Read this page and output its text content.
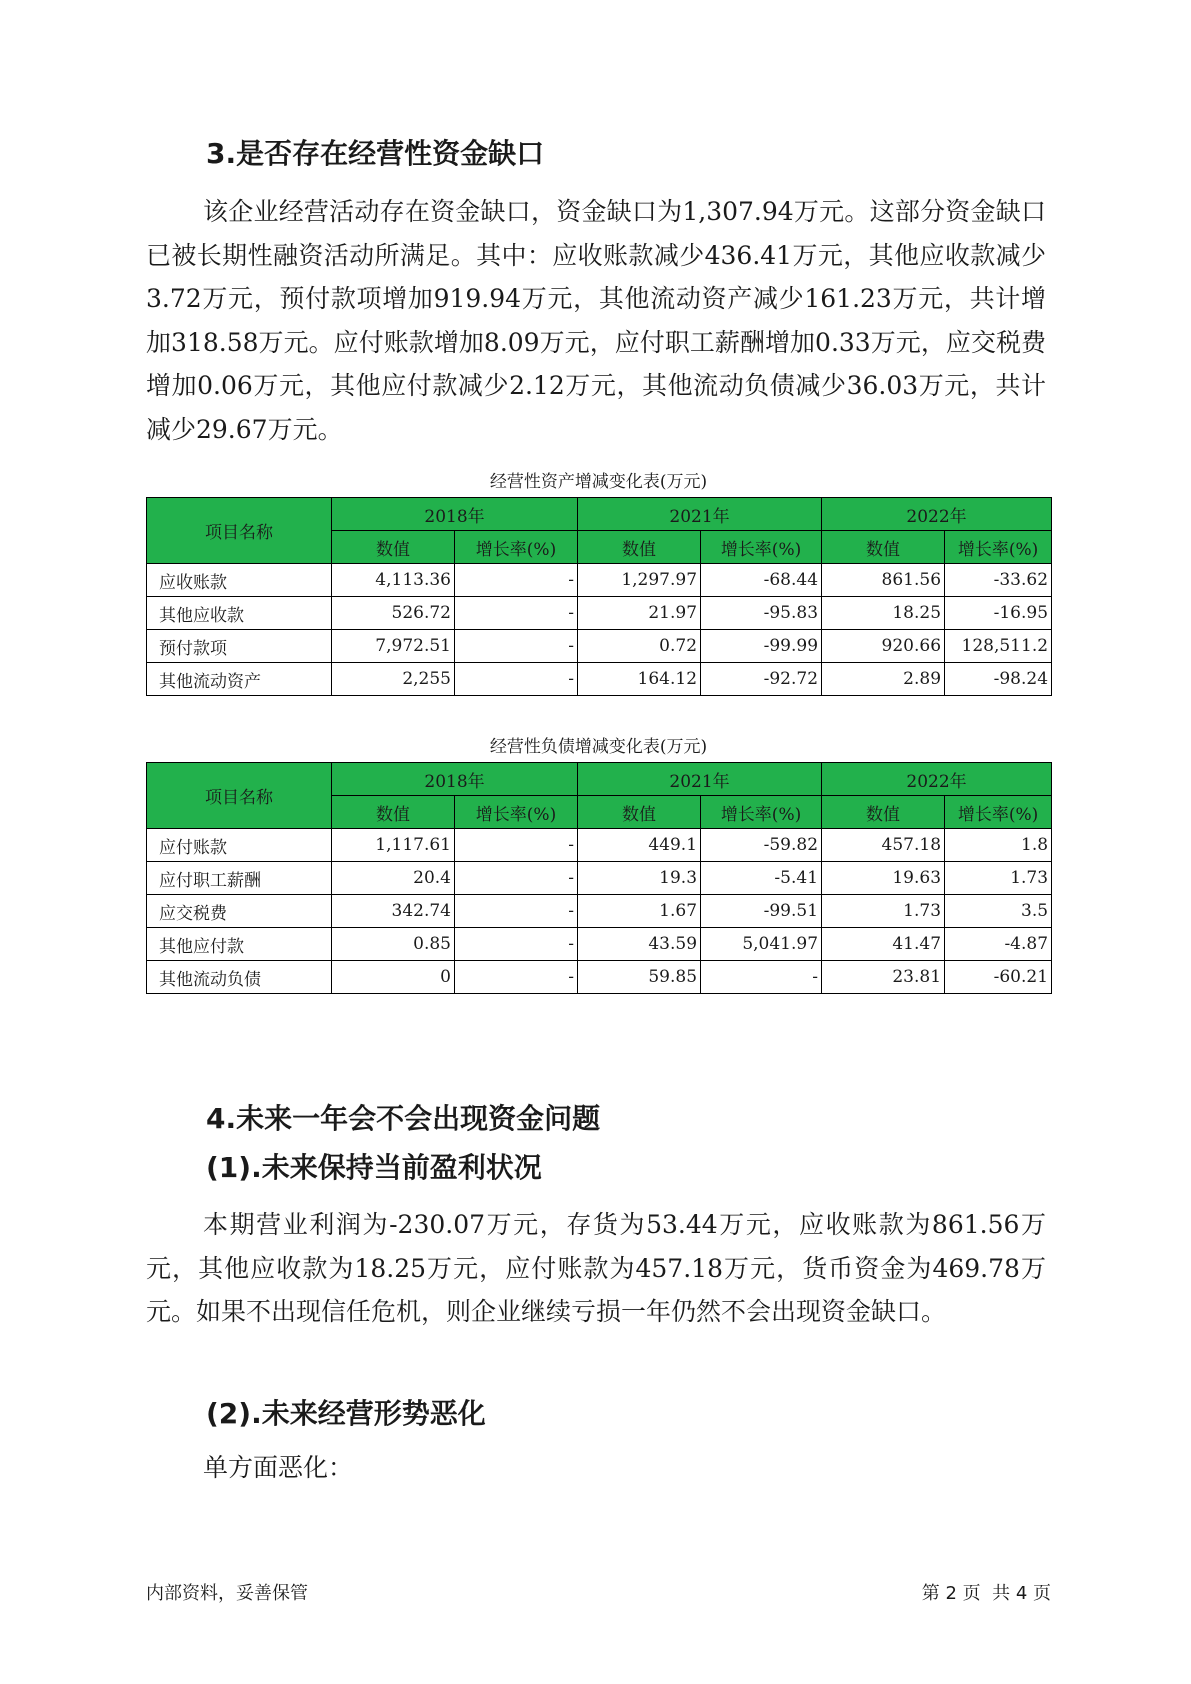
3.是否存在经营性资金缺口

该企业经营活动存在资金缺口，资金缺口为1,307.94万元。这部分资金缺口已被长期性融资活动所满足。其中：应收账款减少436.41万元，其他应收款减少3.72万元，预付款项增加919.94万元，其他流动资产减少161.23万元，共计增加318.58万元。应付账款增加8.09万元，应付职工薪酬增加0.33万元，应交税费增加0.06万元，其他应付款减少2.12万元，其他流动负债减少36.03万元，共计减少29.67万元。

经营性资产增减变化表(万元)
项目名称	2018年		2021年		2022年	
	数值	增长率(%)	数值	增长率(%)	数值	增长率(%)
应收账款	4,113.36	-	1,297.97	-68.44	861.56	-33.62
其他应收款	526.72	-	21.97	-95.83	18.25	-16.95
预付款项	7,972.51	-	0.72	-99.99	920.66	128,511.2
其他流动资产	2,255	-	164.12	-92.72	2.89	-98.24
经营性负债增减变化表(万元)
项目名称	2018年		2021年		2022年	
	数值	增长率(%)	数值	增长率(%)	数值	增长率(%)
应付账款	1,117.61	-	449.1	-59.82	457.18	1.8
应付职工薪酬	20.4	-	19.3	-5.41	19.63	1.73
应交税费	342.74	-	1.67	-99.51	1.73	3.5
其他应付款	0.85	-	43.59	5,041.97	41.47	-4.87
其他流动负债	0	-	59.85	-	23.81	-60.21
4.未来一年会不会出现资金问题
(1).未来保持当前盈利状况

本期营业利润为-230.07万元，存货为53.44万元，应收账款为861.56万元，其他应收款为18.25万元，应付账款为457.18万元，货币资金为469.78万元。如果不出现信任危机，则企业继续亏损一年仍然不会出现资金缺口。

(2).未来经营形势恶化

单方面恶化：

内部资料，妥善保管	第 2 页  共 4 页
